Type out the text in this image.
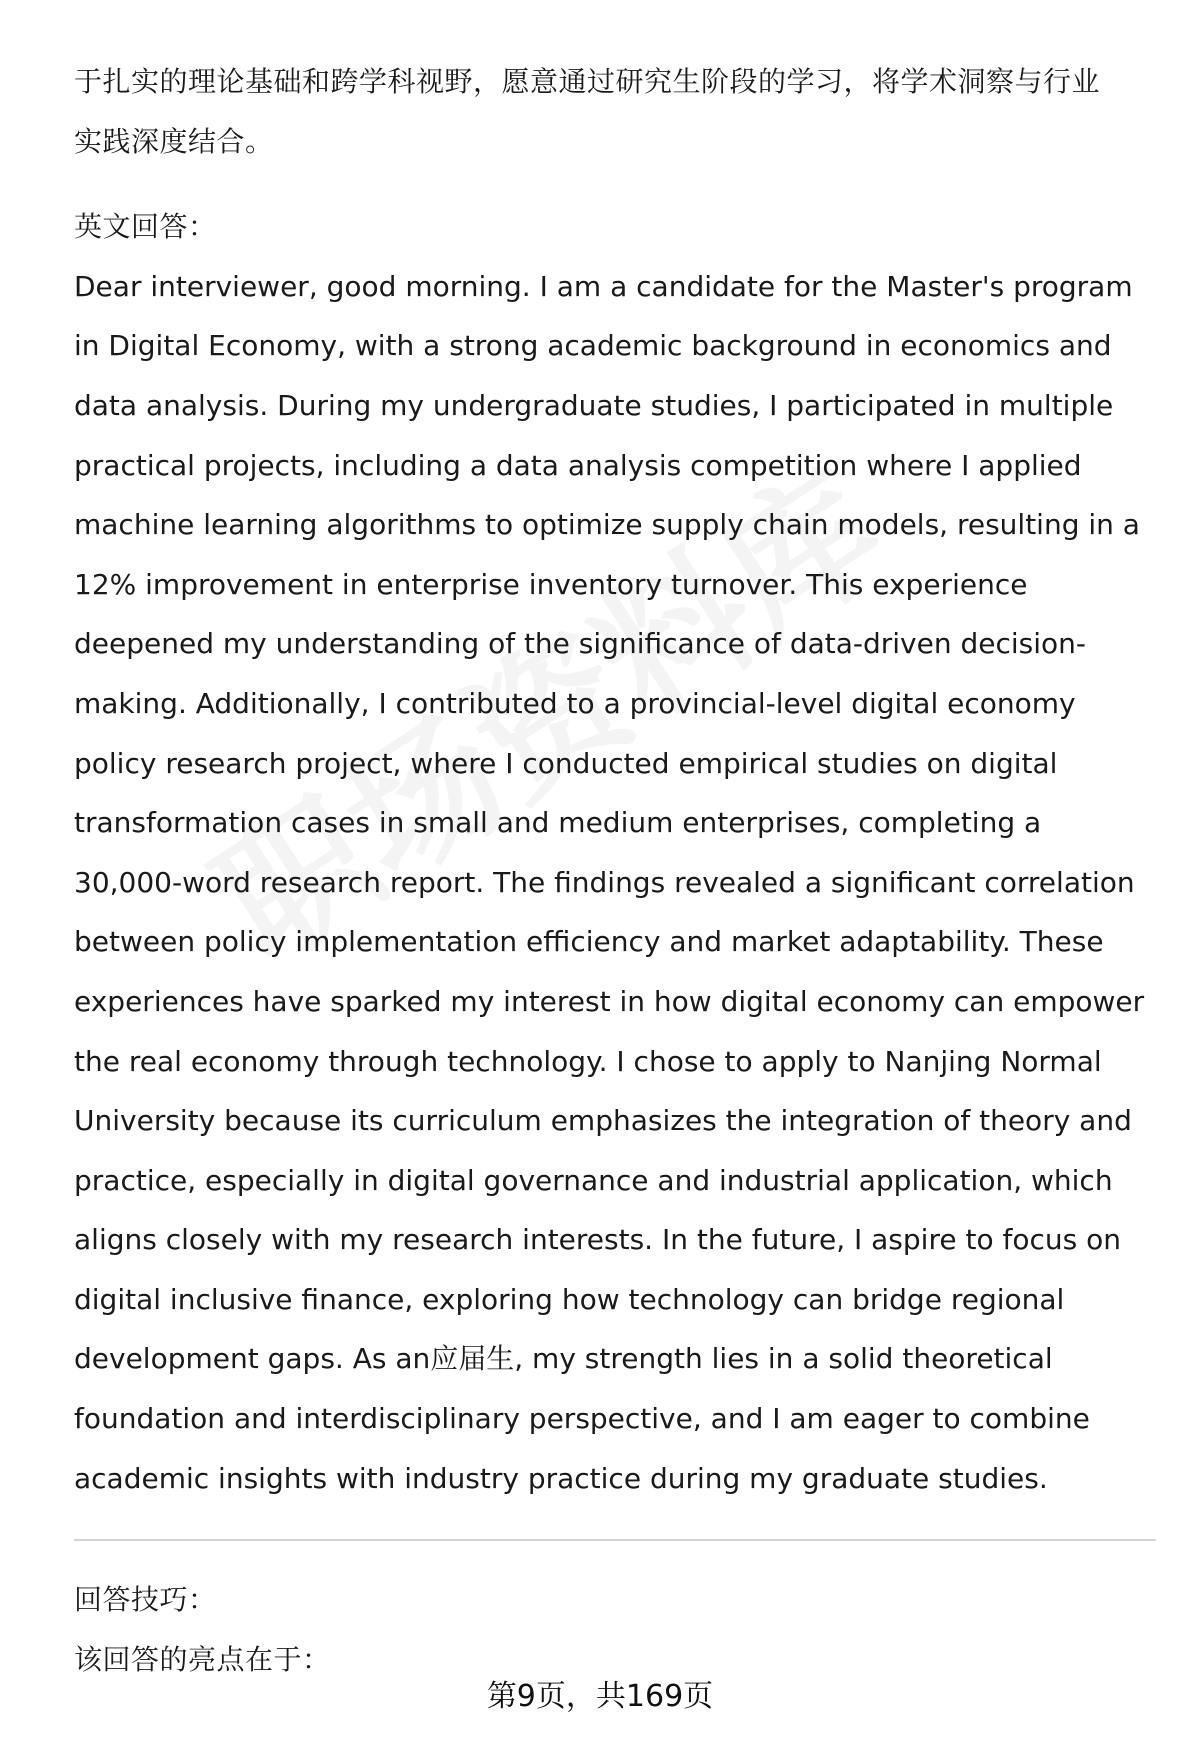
于扎实的理论基础和跨学科视野，愿意通过研究生阶段的学习，将学术洞察与行业

实践深度结合。

英文回答：

Dear interviewer, good morning. I am a candidate for the Master's program in Digital Economy, with a strong academic background in economics and data analysis. During my undergraduate studies, I participated in multiple practical projects, including a data analysis competition where I applied machine learning algorithms to optimize supply chain models, resulting in a 12% improvement in enterprise inventory turnover. This experience deepened my understanding of the significance of data-driven decision-making. Additionally, I contributed to a provincial-level digital economy policy research project, where I conducted empirical studies on digital transformation cases in small and medium enterprises, completing a 30,000-word research report. The findings revealed a significant correlation between policy implementation efficiency and market adaptability. These experiences have sparked my interest in how digital economy can empower the real economy through technology. I chose to apply to Nanjing Normal University because its curriculum emphasizes the integration of theory and practice, especially in digital governance and industrial application, which aligns closely with my research interests. In the future, I aspire to focus on digital inclusive finance, exploring how technology can bridge regional development gaps. As an应届生, my strength lies in a solid theoretical foundation and interdisciplinary perspective, and I am eager to combine academic insights with industry practice during my graduate studies.

回答技巧：

该回答的亮点在于：

第9页，共169页
